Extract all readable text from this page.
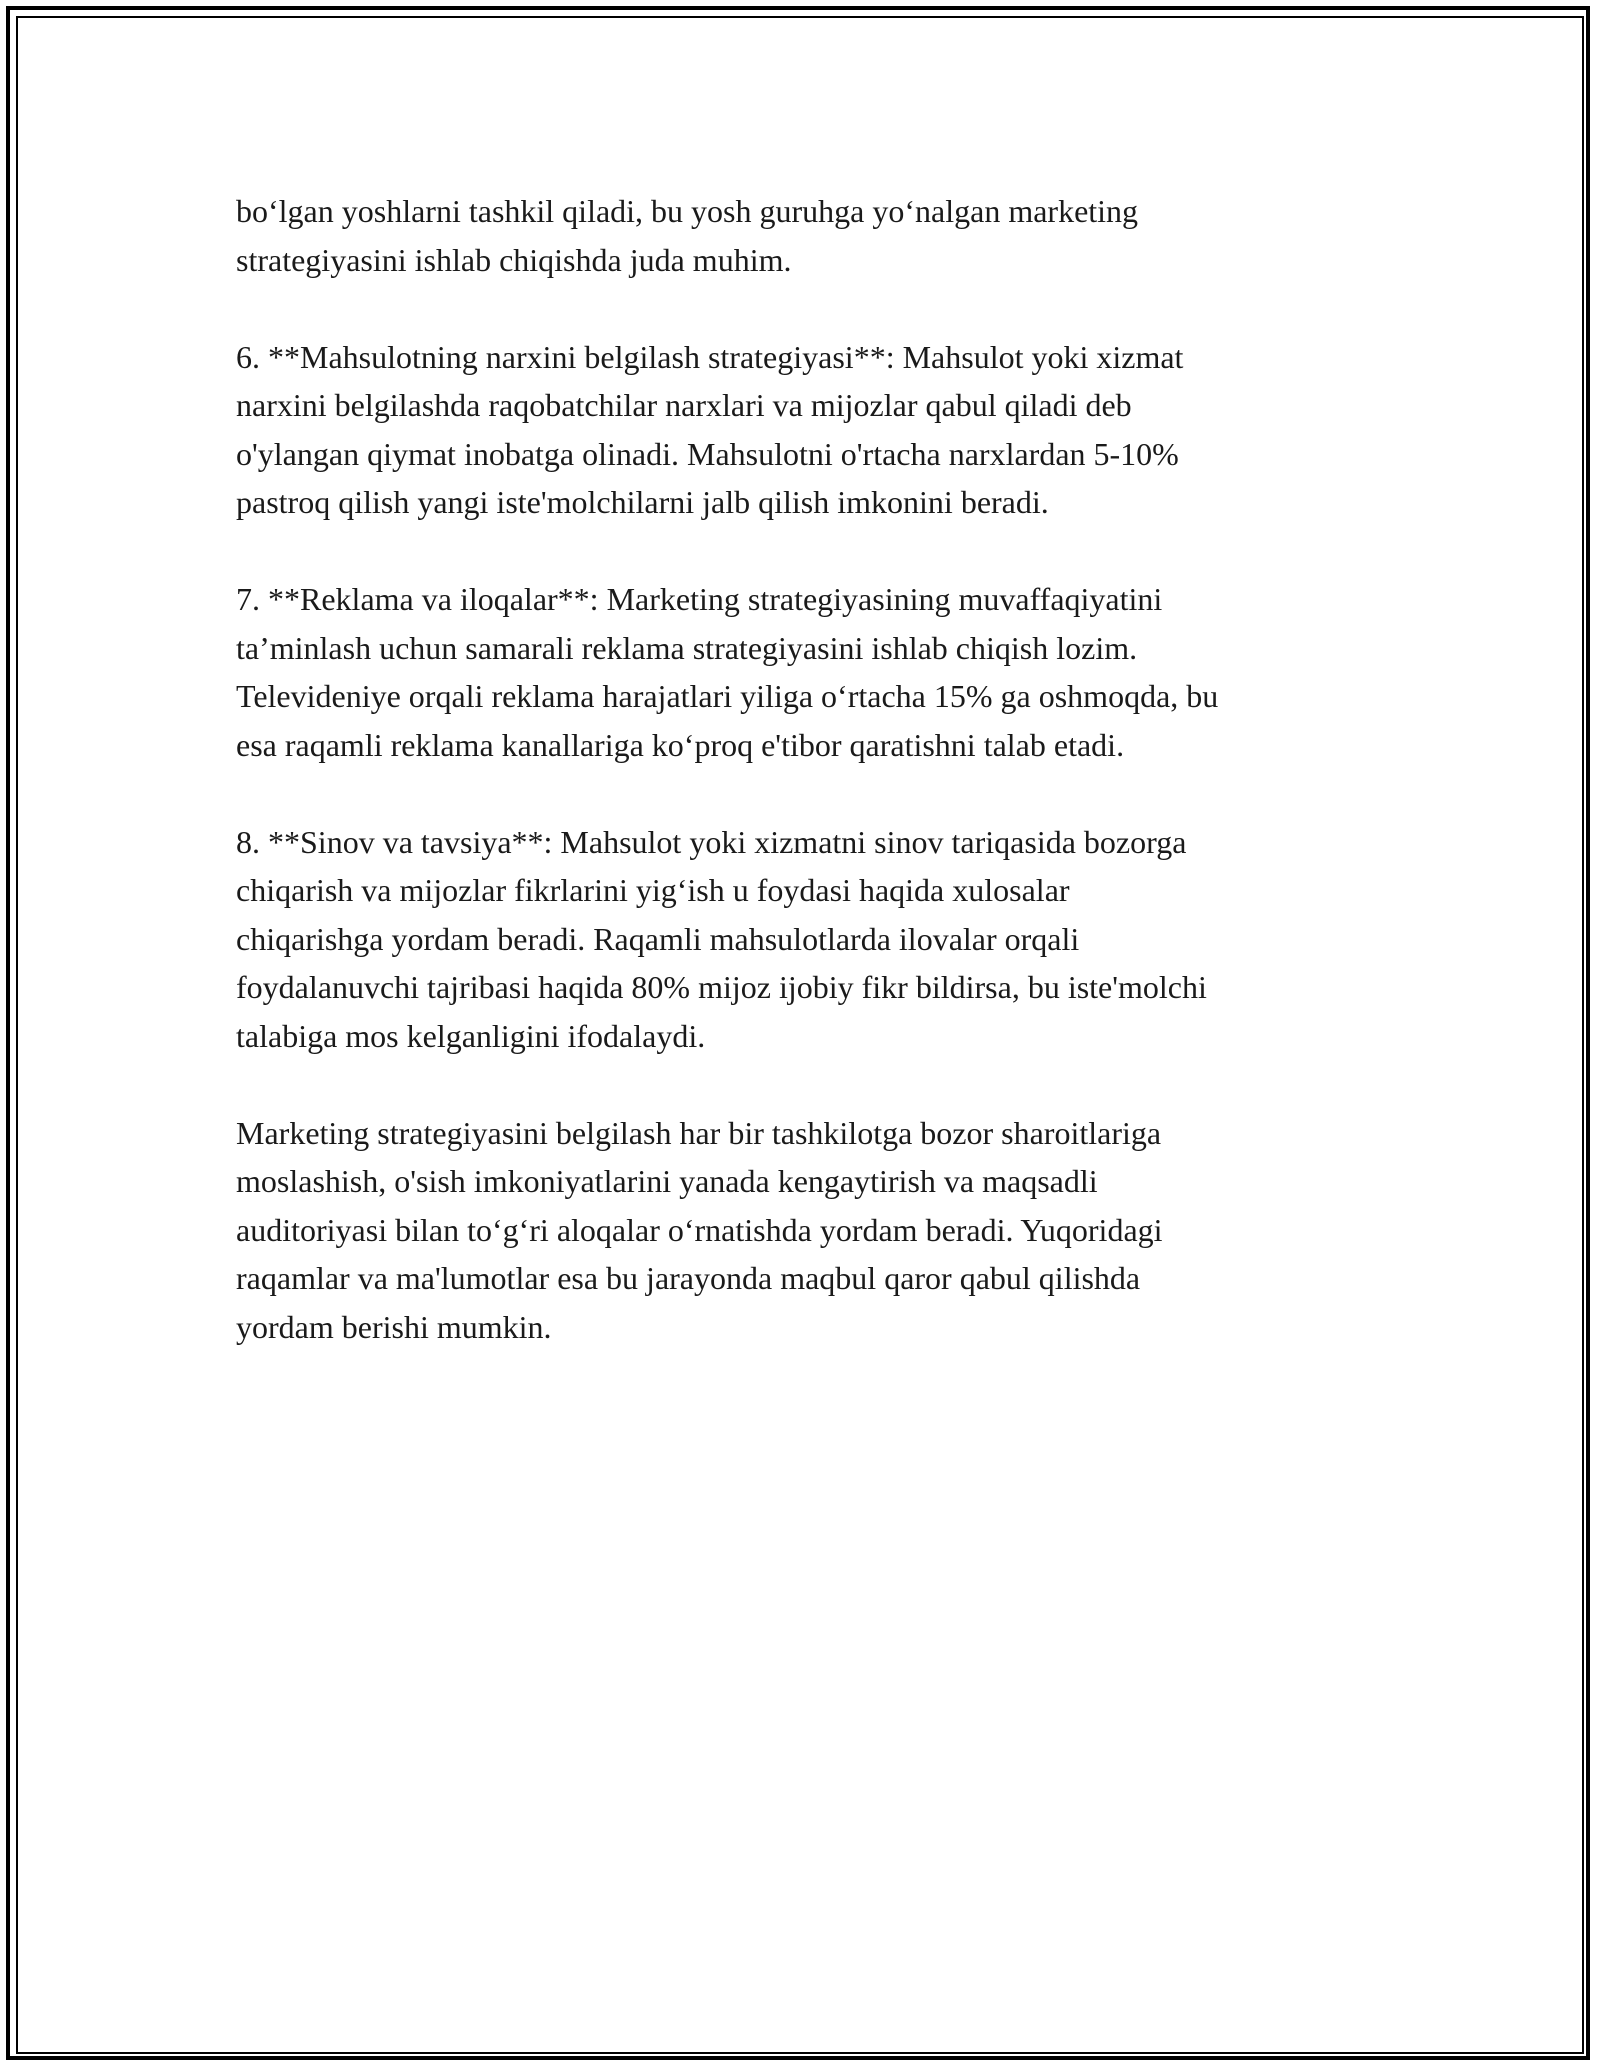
bo‘lgan yoshlarni tashkil qiladi, bu yosh guruhga yo‘nalgan marketing
strategiyasini ishlab chiqishda juda muhim.

6. **Mahsulotning narxini belgilash strategiyasi**: Mahsulot yoki xizmat
narxini belgilashda raqobatchilar narxlari va mijozlar qabul qiladi deb
o'ylangan qiymat inobatga olinadi. Mahsulotni o'rtacha narxlardan 5-10%
pastroq qilish yangi iste'molchilarni jalb qilish imkonini beradi.

7. **Reklama va iloqalar**: Marketing strategiyasining muvaffaqiyatini
ta’minlash uchun samarali reklama strategiyasini ishlab chiqish lozim.
Televideniye orqali reklama harajatlari yiliga o‘rtacha 15% ga oshmoqda, bu
esa raqamli reklama kanallariga ko‘proq e'tibor qaratishni talab etadi.

8. **Sinov va tavsiya**: Mahsulot yoki xizmatni sinov tariqasida bozorga
chiqarish va mijozlar fikrlarini yig‘ish u foydasi haqida xulosalar
chiqarishga yordam beradi. Raqamli mahsulotlarda ilovalar orqali
foydalanuvchi tajribasi haqida 80% mijoz ijobiy fikr bildirsa, bu iste'molchi
talabiga mos kelganligini ifodalaydi.

Marketing strategiyasini belgilash har bir tashkilotga bozor sharoitlariga
moslashish, o'sish imkoniyatlarini yanada kengaytirish va maqsadli
auditoriyasi bilan to‘g‘ri aloqalar o‘rnatishda yordam beradi. Yuqoridagi
raqamlar va ma'lumotlar esa bu jarayonda maqbul qaror qabul qilishda
yordam berishi mumkin.
